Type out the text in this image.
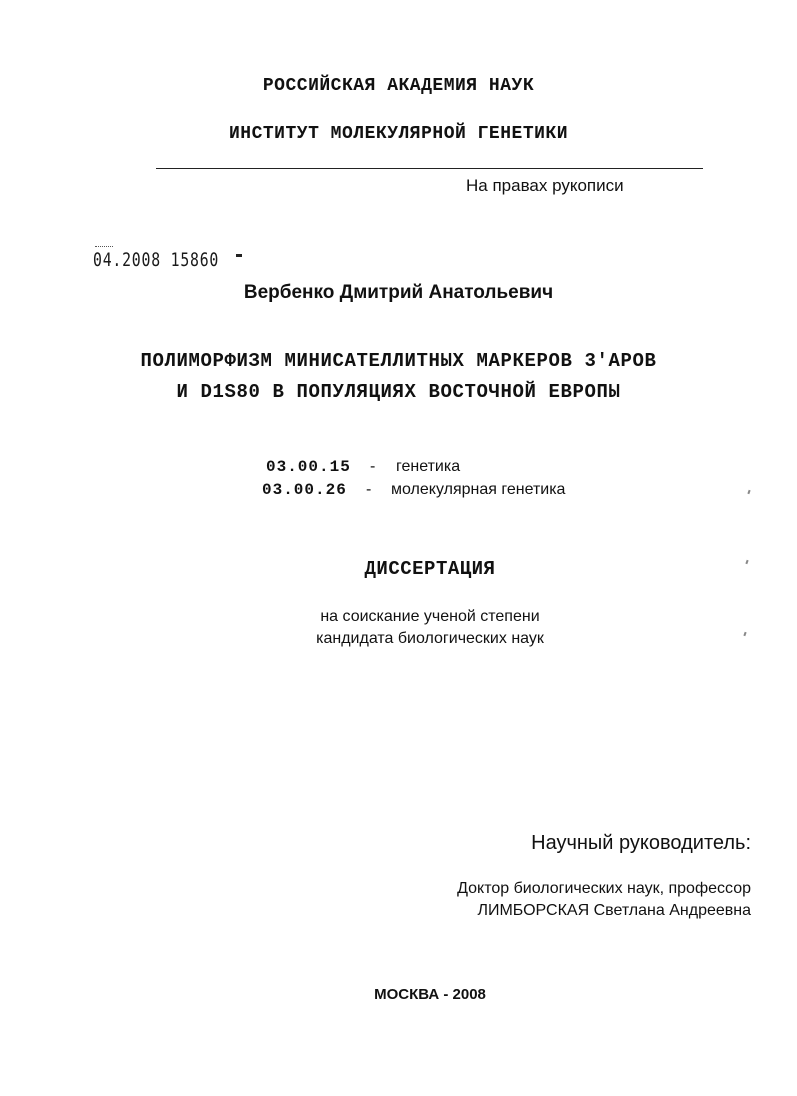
РОССИЙСКАЯ АКАДЕМИЯ НАУК
ИНСТИТУТ МОЛЕКУЛЯРНОЙ ГЕНЕТИКИ
На правах рукописи
04.2008 15860
Вербенко Дмитрий Анатольевич
ПОЛИМОРФИЗМ МИНИСАТЕЛЛИТНЫХ МАРКЕРОВ 3'APOB
И D1S80 В ПОПУЛЯЦИЯХ ВОСТОЧНОЙ ЕВРОПЫ
03.00.15 - генетика
03.00.26 - молекулярная генетика
ДИССЕРТАЦИЯ
на соискание ученой степени
кандидата биологических наук
Научный руководитель:
Доктор биологических наук, профессор
ЛИМБОРСКАЯ Светлана Андреевна
МОСКВА - 2008
